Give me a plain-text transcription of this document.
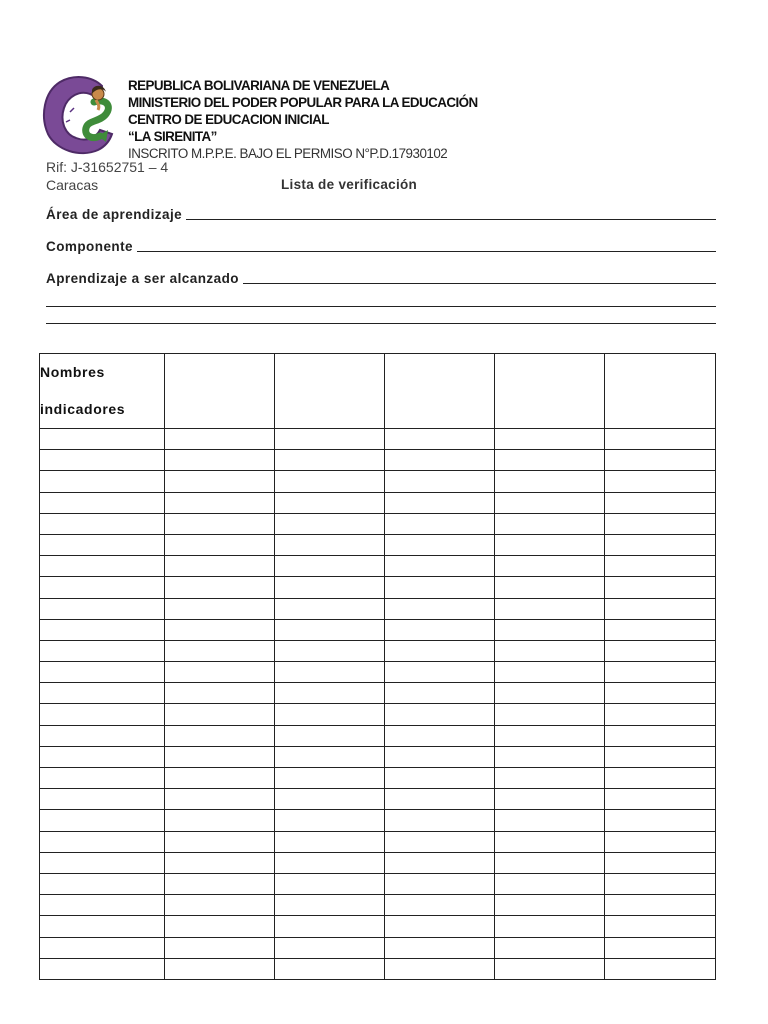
REPUBLICA BOLIVARIANA DE VENEZUELA
MINISTERIO DEL PODER POPULAR PARA LA EDUCACIÓN
CENTRO DE EDUCACION INICIAL
“LA SIRENITA”
INSCRITO M.P.P.E. BAJO EL PERMISO N°P.D.17930102
Rif: J-31652751 – 4
Caracas	Lista de verificación
Área de aprendizaje
Componente
Aprendizaje a ser alcanzado
Nombres
indicadores					
